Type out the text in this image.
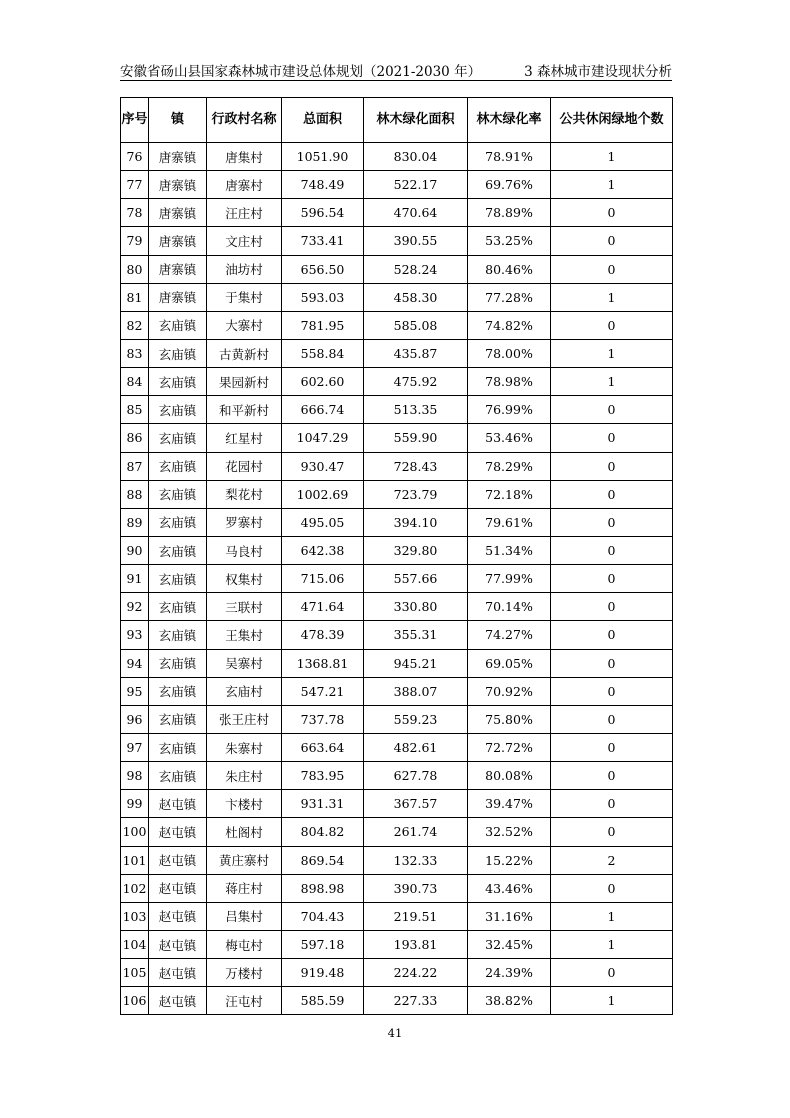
安徽省砀山县国家森林城市建设总体规划（2021-2030 年）	3 森林城市建设现状分析
序号	镇	行政村名称	总面积	林木绿化面积	林木绿化率	公共休闲绿地个数
76	唐寨镇	唐集村	1051.90	830.04	78.91%	1
77	唐寨镇	唐寨村	748.49	522.17	69.76%	1
78	唐寨镇	汪庄村	596.54	470.64	78.89%	0
79	唐寨镇	文庄村	733.41	390.55	53.25%	0
80	唐寨镇	油坊村	656.50	528.24	80.46%	0
81	唐寨镇	于集村	593.03	458.30	77.28%	1
82	玄庙镇	大寨村	781.95	585.08	74.82%	0
83	玄庙镇	古黄新村	558.84	435.87	78.00%	1
84	玄庙镇	果园新村	602.60	475.92	78.98%	1
85	玄庙镇	和平新村	666.74	513.35	76.99%	0
86	玄庙镇	红星村	1047.29	559.90	53.46%	0
87	玄庙镇	花园村	930.47	728.43	78.29%	0
88	玄庙镇	梨花村	1002.69	723.79	72.18%	0
89	玄庙镇	罗寨村	495.05	394.10	79.61%	0
90	玄庙镇	马良村	642.38	329.80	51.34%	0
91	玄庙镇	权集村	715.06	557.66	77.99%	0
92	玄庙镇	三联村	471.64	330.80	70.14%	0
93	玄庙镇	王集村	478.39	355.31	74.27%	0
94	玄庙镇	吴寨村	1368.81	945.21	69.05%	0
95	玄庙镇	玄庙村	547.21	388.07	70.92%	0
96	玄庙镇	张王庄村	737.78	559.23	75.80%	0
97	玄庙镇	朱寨村	663.64	482.61	72.72%	0
98	玄庙镇	朱庄村	783.95	627.78	80.08%	0
99	赵屯镇	卞楼村	931.31	367.57	39.47%	0
100	赵屯镇	杜阁村	804.82	261.74	32.52%	0
101	赵屯镇	黄庄寨村	869.54	132.33	15.22%	2
102	赵屯镇	蒋庄村	898.98	390.73	43.46%	0
103	赵屯镇	吕集村	704.43	219.51	31.16%	1
104	赵屯镇	梅屯村	597.18	193.81	32.45%	1
105	赵屯镇	万楼村	919.48	224.22	24.39%	0
106	赵屯镇	汪屯村	585.59	227.33	38.82%	1
41
